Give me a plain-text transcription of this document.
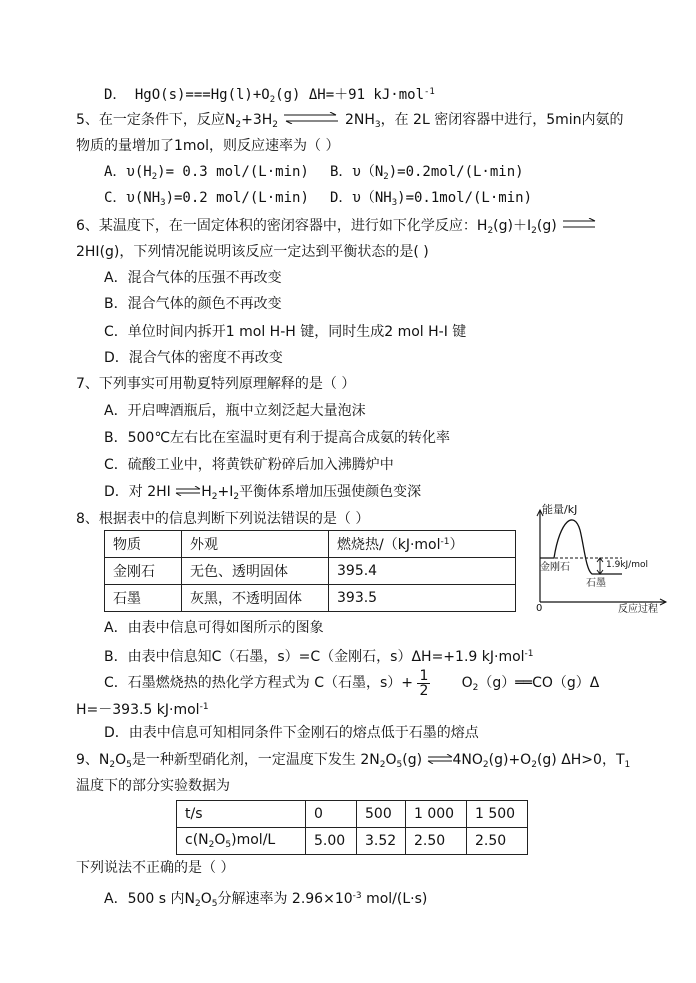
D． $HgO(s)===Hg(l)+O_2(g)$ ΔH=＋91 kJ·mol$^{-1}$
5、在一定条件下，反应$N_2+3H_2$	$2NH_3$，在 2L 密闭容器中进行，5min内氨的
物质的量增加了1mol，则反应速率为（ ）
A．$\upsilon(H_2)= 0.3$ mol/(L·min) B．$\upsilon(N_2)=0.2mol/(L\cdot\min)$
C．$\upsilon(NH_3)=0.2$ mol/(L·min) D．$\upsilon(NH_3)=0.1mol/(L\cdot\min)$
6、某温度下，在一固定体积的密闭容器中，进行如下化学反应：$H_2(g)+I_2(g)$
2HI(g)，下列情况能说明该反应一定达到平衡状态的是( )
A．混合气体的压强不再改变
B．混合气体的颜色不再改变
C．单位时间内拆开1 mol H-H 键，同时生成2 mol H-I 键
D．混合气体的密度不再改变
7、下列事实可用勒夏特列原理解释的是（ ）
A．开启啤酒瓶后，瓶中立刻泛起大量泡沫
B．500℃左右比在室温时更有利于提高合成氨的转化率
C．硫酸工业中，将黄铁矿粉碎后加入沸腾炉中
D．对 2HI $\rightleftharpoons H_2+I_2$平衡体系增加压强使颜色变深
8、根据表中的信息判断下列说法错误的是（ ）
物质	外观	燃烧热/（kJ·mol$^{-1}$）
金刚石	无色、透明固体	395.4
石墨	灰黑，不透明固体	393.5
能量/kJ
金刚石
石墨
1.9kJ/mol
0	反应过程
A．由表中信息可得如图所示的图象
B．由表中信息知C（石墨，s）=C（金刚石，s）ΔH=+1.9 kJ·mol$^{-1}$
C．石墨燃烧热的热化学方程式为 C（石墨，$s)+ \frac{1}{2}$ $O_2(g)══CO(g)\Delta$
H=－393.5 kJ·mol$^{-1}$
D．由表中信息可知相同条件下金刚石的熔点低于石墨的熔点
9、$N_2O_5$是一种新型硝化剂，一定温度下发生 $2N_2O_5(g)$ $\rightleftharpoons 4NO_2(g)+O_2(g)$ ΔH>0，$T_1$
温度下的部分实验数据为
t/s	0	500	1 000	1 500
$c(N_2O_5)mol/L$	5.00	3.52	2.50	2.50
下列说法不正确的是（ ）
A．500 s 内$N_2O_5$分解速率为 $2.96\times 10^{-3}$ mol/(L·s)
